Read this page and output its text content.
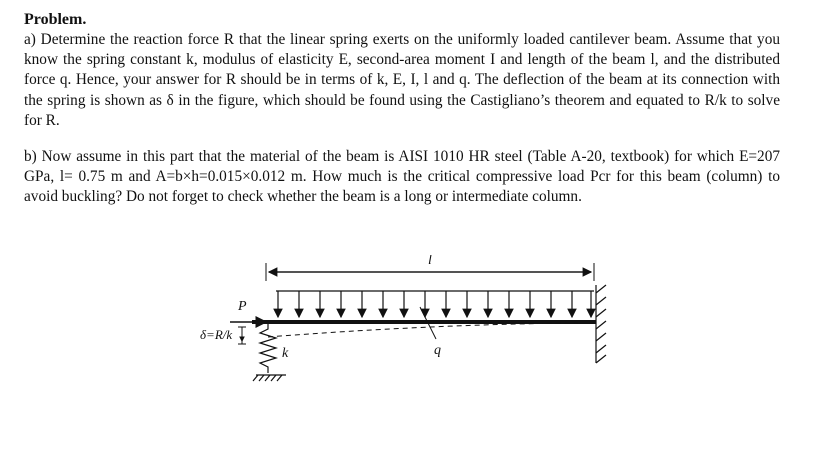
Problem.

a) Determine the reaction force R that the linear spring exerts on the uniformly loaded cantilever beam. Assume that you know the spring constant k, modulus of elasticity E, second-area moment I and length of the beam l, and the distributed force q. Hence, your answer for R should be in terms of k, E, I, l and q. The deflection of the beam at its connection with the spring is shown as δ in the figure, which should be found using the Castigliano’s theorem and equated to R/k to solve for R.

b) Now assume in this part that the material of the beam is AISI 1010 HR steel (Table A-20, textbook) for which E=207 GPa, l= 0.75 m and A=b×h=0.015×0.012 m. How much is the critical compressive load Pcr for this beam (column) to avoid buckling? Do not forget to check whether the beam is a long or intermediate column.

l
P
k
δ=R/k
q
